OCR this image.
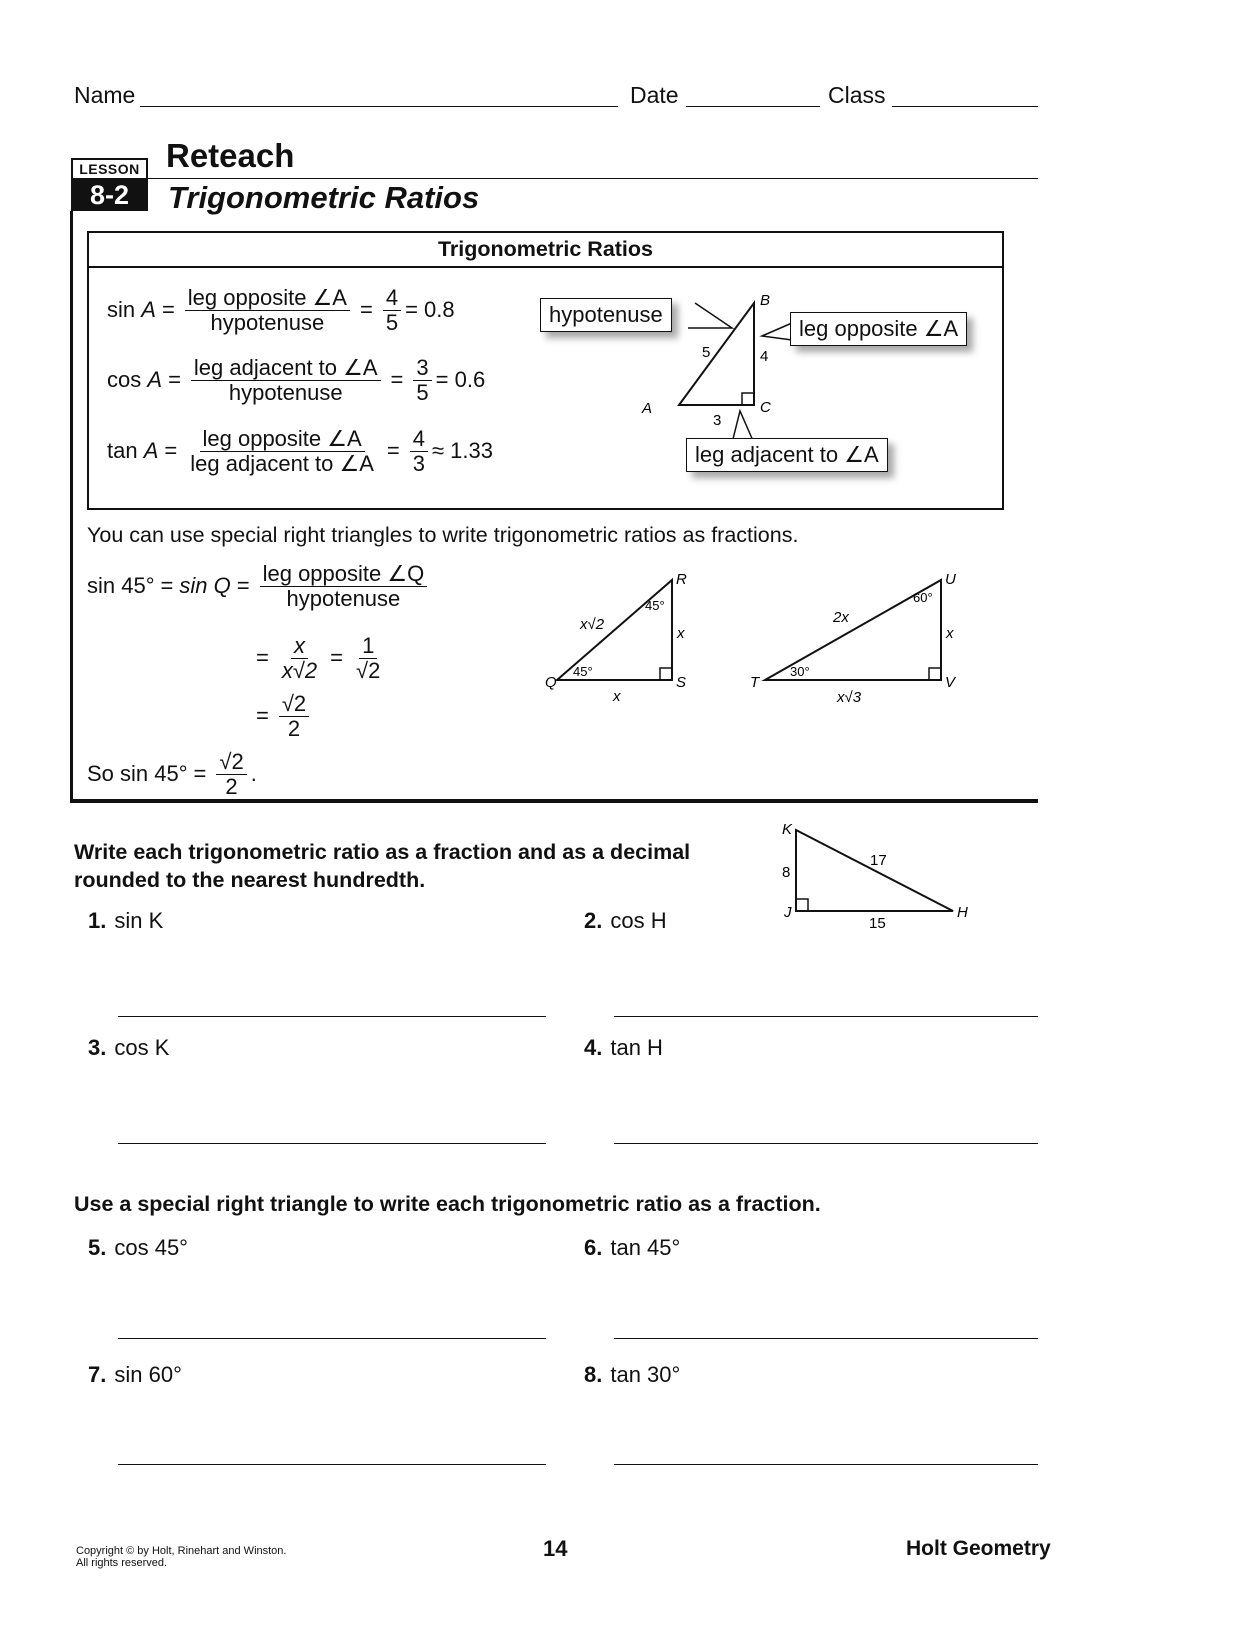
Name	Date	Class
LESSON
8-2
Reteach
Trigonometric Ratios
Trigonometric Ratios
sin
$A = \frac{\text{leg opposite ∠A}}{\text{hypotenuse}} = \frac{4}{5} = 0.8$
cos
$A = \frac{\text{leg adjacent to ∠A}}{\text{hypotenuse}} = \frac{3}{5} = 0.6$
tan
$A = \frac{\text{leg opposite ∠A}}{\text{leg adjacent to ∠A}} = \frac{4}{3} \approx 1.33$
A
B
C
5	4
3
hypotenuse
leg opposite ∠A
leg adjacent to ∠A
You can use special right triangles to write trigonometric ratios as fractions.
$\sin 45^\circ = \sin Q = \frac{\text{leg opposite ∠Q}}{\text{hypotenuse}}$
= $\frac{x}{x√2} = \frac{1}{√2}$
= $\frac{√2}{2}$
So $\sin 45^\circ = \frac{√2}{2}$ .
R
Q	S
x√2
x
x
45°
45°
U
T	V
2x
x
x√3
30°
60°
Write each trigonometric ratio as a fraction and as a decimal rounded to the nearest hundredth.
K
J	H
8
17
15
1. sin K	2. cos H
3. cos K	4. tan H
Use a special right triangle to write each trigonometric ratio as a fraction.
5. cos 45°	6. tan 45°
7. sin 60°	8. tan 30°
Copyright © by Holt, Rinehart and Winston.
All rights reserved.
14	Holt Geometry
